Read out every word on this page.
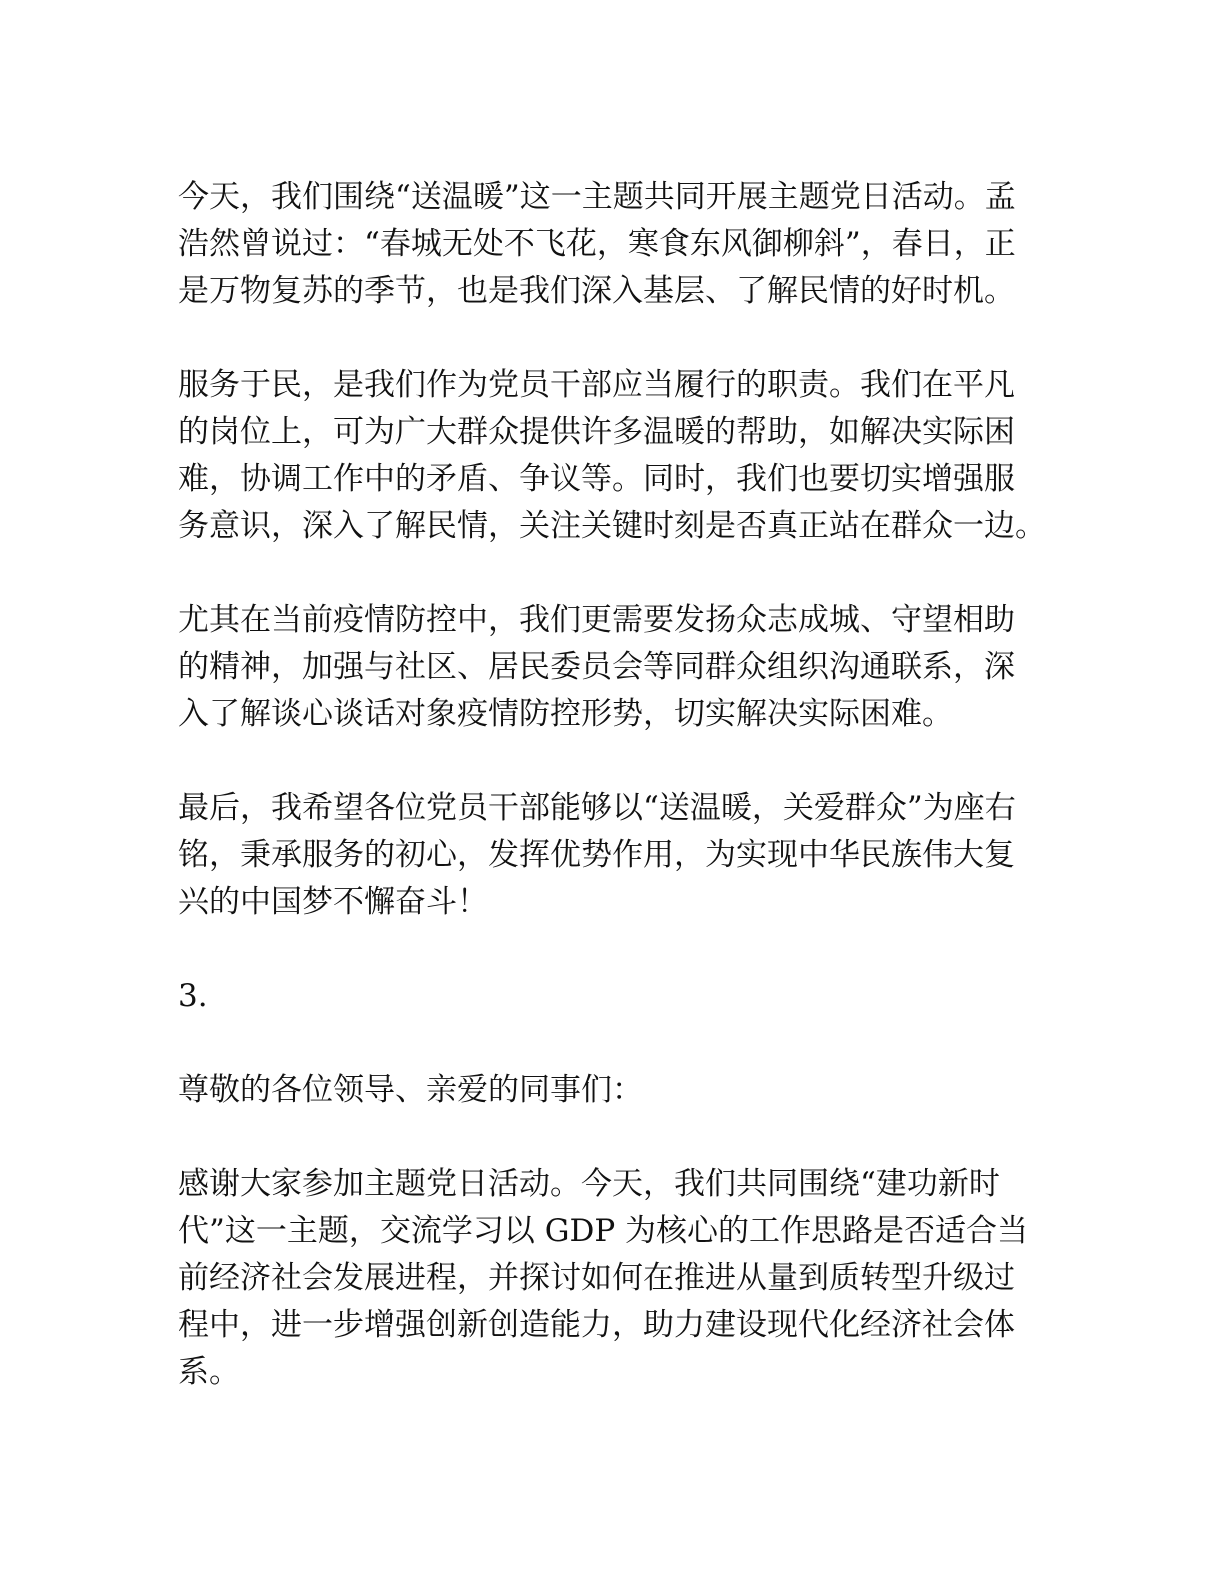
今天，我们围绕“送温暖”这一主题共同开展主题党日活动。孟
浩然曾说过：“春城无处不飞花，寒食东风御柳斜”，春日，正
是万物复苏的季节，也是我们深入基层、了解民情的好时机。

服务于民，是我们作为党员干部应当履行的职责。我们在平凡
的岗位上，可为广大群众提供许多温暖的帮助，如解决实际困
难，协调工作中的矛盾、争议等。同时，我们也要切实增强服
务意识，深入了解民情，关注关键时刻是否真正站在群众一边。

尤其在当前疫情防控中，我们更需要发扬众志成城、守望相助
的精神，加强与社区、居民委员会等同群众组织沟通联系，深
入了解谈心谈话对象疫情防控形势，切实解决实际困难。

最后，我希望各位党员干部能够以“送温暖，关爱群众”为座右
铭，秉承服务的初心，发挥优势作用，为实现中华民族伟大复
兴的中国梦不懈奋斗！

3.

尊敬的各位领导、亲爱的同事们：

感谢大家参加主题党日活动。今天，我们共同围绕“建功新时
代”这一主题，交流学习以 GDP 为核心的工作思路是否适合当
前经济社会发展进程，并探讨如何在推进从量到质转型升级过
程中，进一步增强创新创造能力，助力建设现代化经济社会体
系。
